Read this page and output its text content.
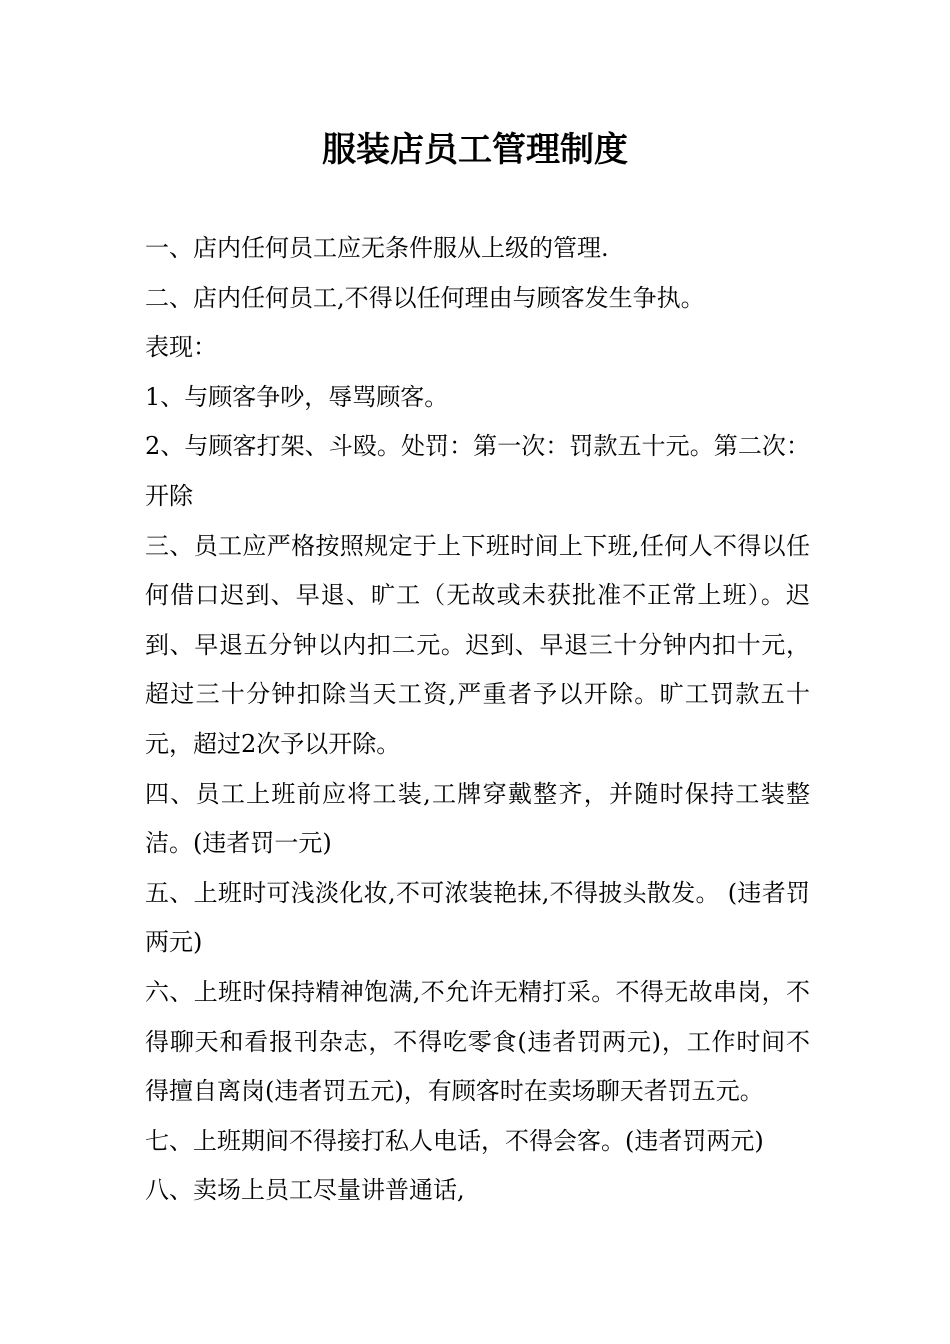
服装店员工管理制度

一、店内任何员工应无条件服从上级的管理.

二、店内任何员工,不得以任何理由与顾客发生争执。

表现：

1、与顾客争吵，辱骂顾客。

2、与顾客打架、斗殴。处罚：第一次：罚款五十元。第二次：开除

三、员工应严格按照规定于上下班时间上下班,任何人不得以任何借口迟到、早退、旷工（无故或未获批准不正常上班）。迟到、早退五分钟以内扣二元。迟到、早退三十分钟内扣十元，超过三十分钟扣除当天工资,严重者予以开除。旷工罚款五十元，超过2次予以开除。

四、员工上班前应将工装,工牌穿戴整齐，并随时保持工装整洁。(违者罚一元)

五、上班时可浅淡化妆,不可浓装艳抹,不得披头散发。 (违者罚两元)

六、上班时保持精神饱满,不允许无精打采。不得无故串岗，不得聊天和看报刊杂志，不得吃零食(违者罚两元)，工作时间不得擅自离岗(违者罚五元)，有顾客时在卖场聊天者罚五元。

七、上班期间不得接打私人电话，不得会客。(违者罚两元)

八、卖场上员工尽量讲普通话,
